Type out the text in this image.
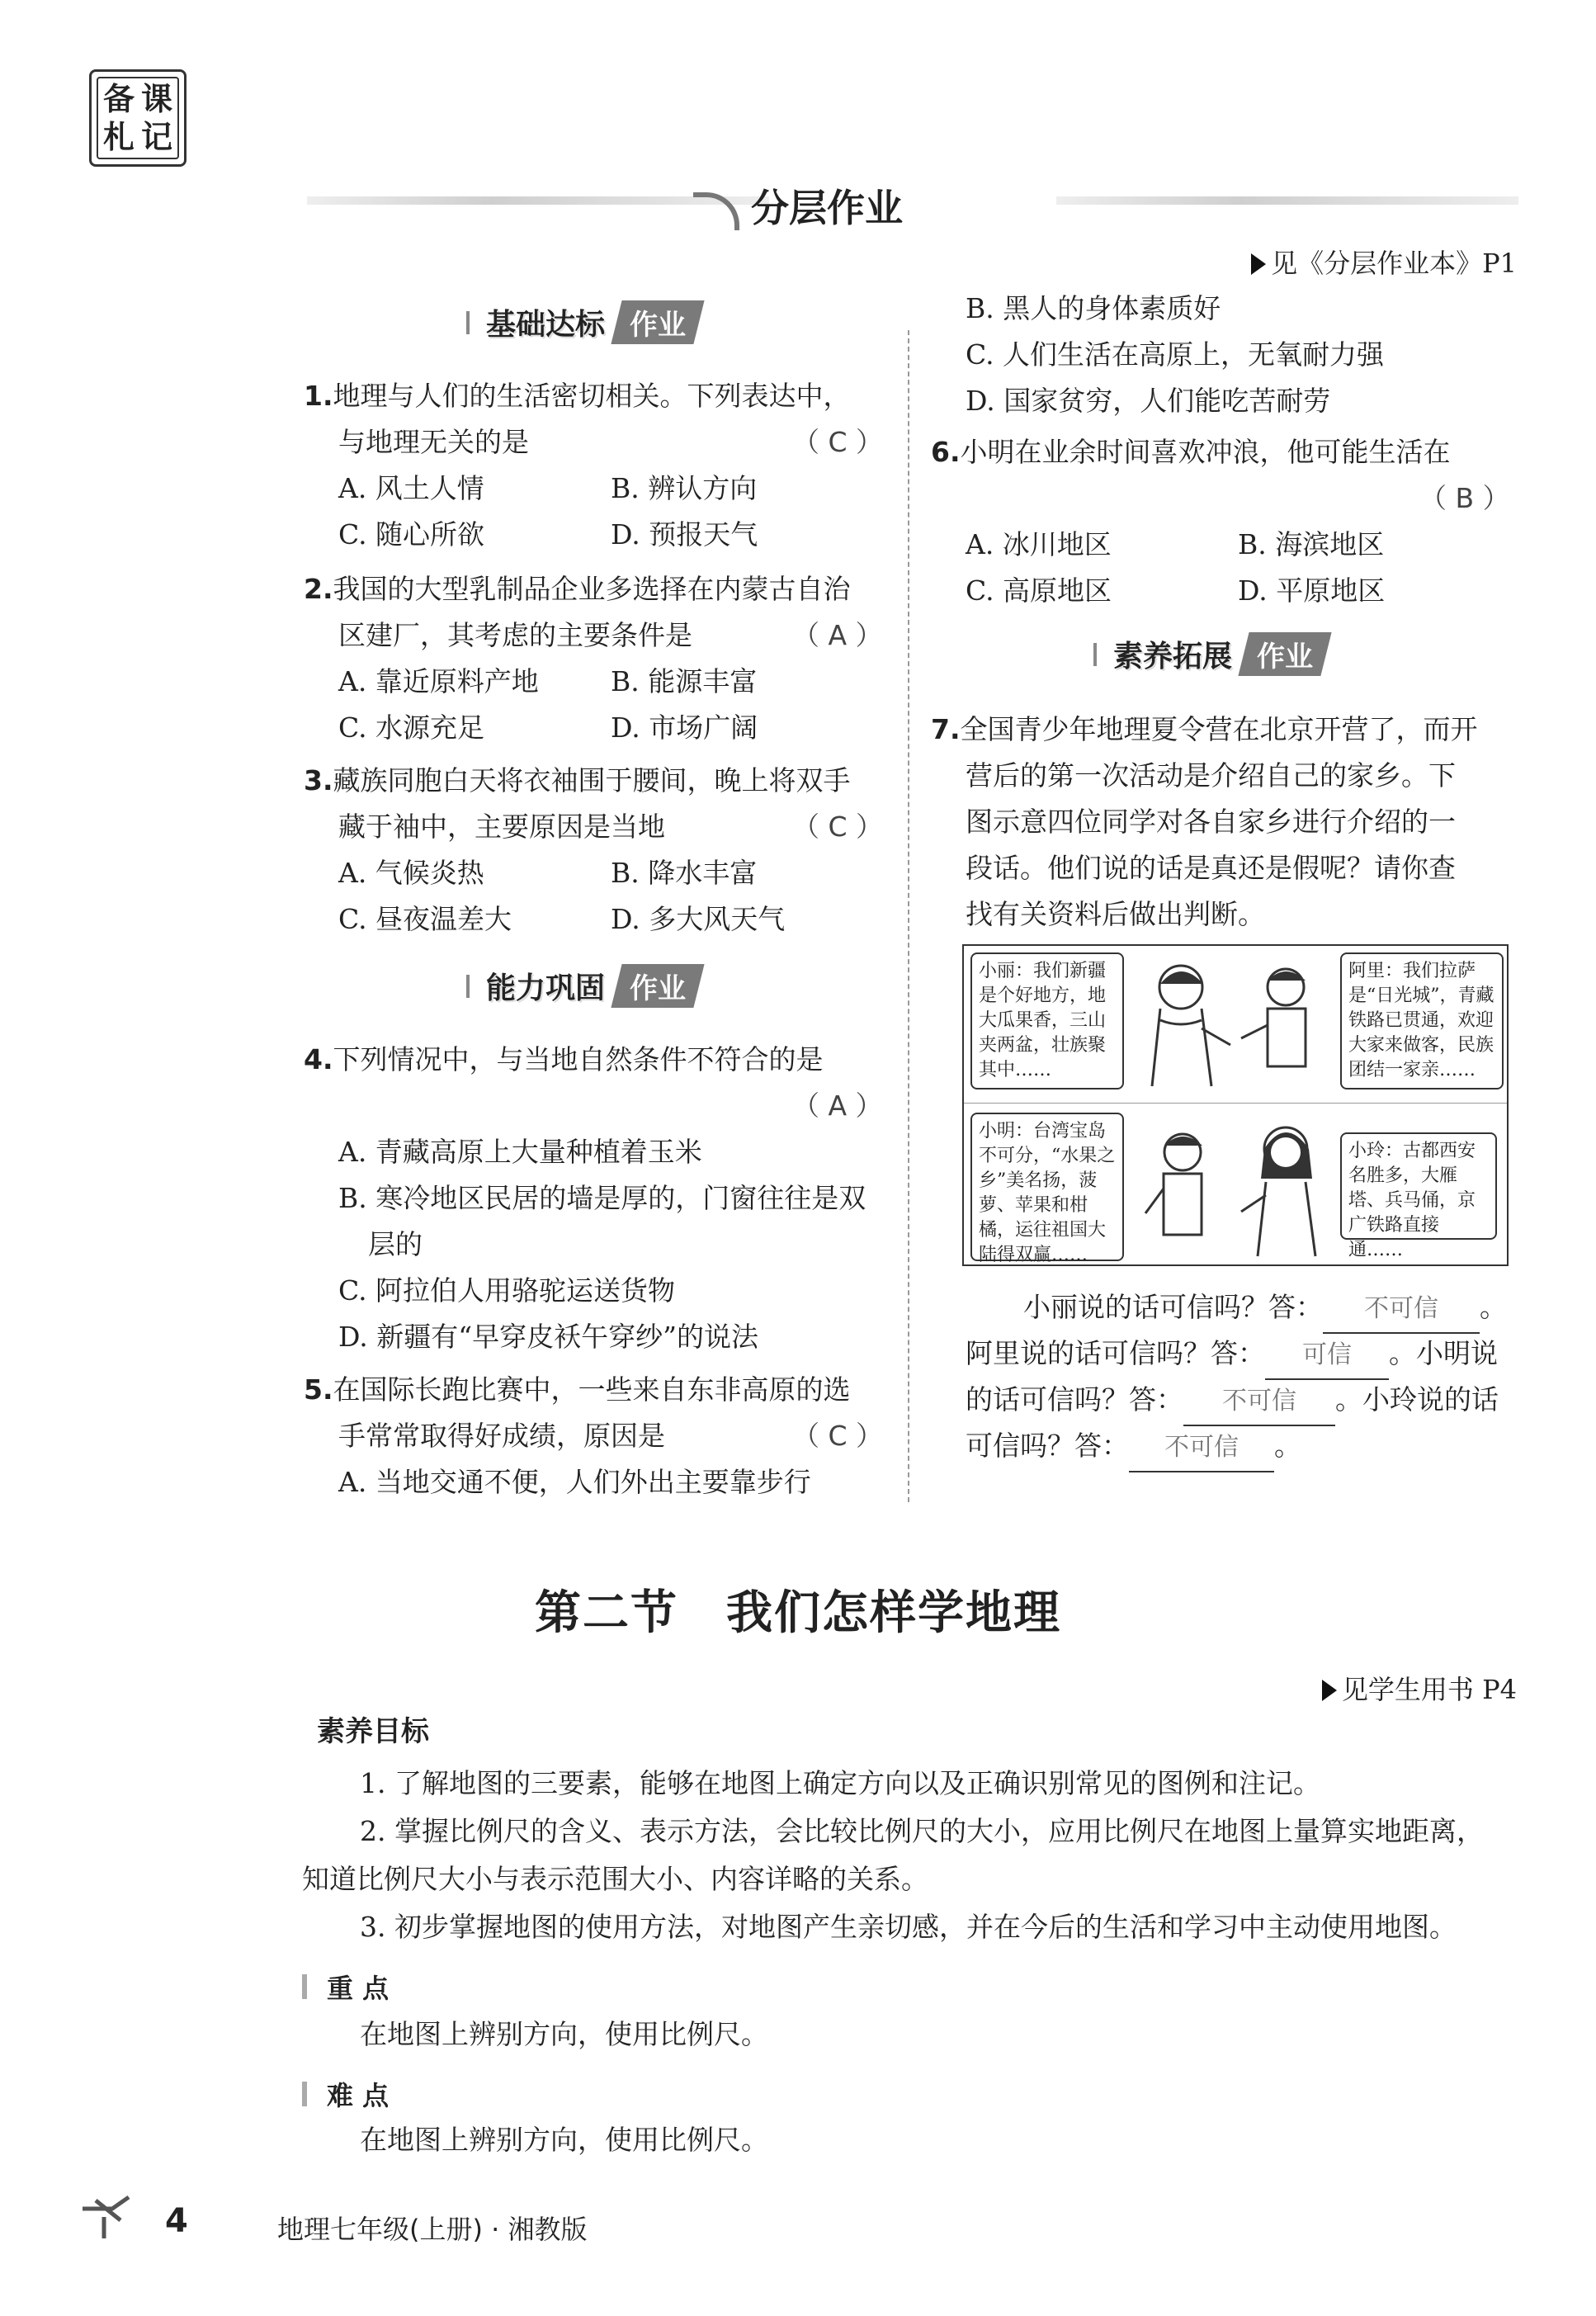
备 课
札 记
分层作业
见《分层作业本》P1
基础达标 作业
1.地理与人们的生活密切相关。下列表达中，
与地理无关的是	（ C ）
A. 风土人情	B. 辨认方向
C. 随心所欲	D. 预报天气
2.我国的大型乳制品企业多选择在内蒙古自治
区建厂，其考虑的主要条件是	（ A ）
A. 靠近原料产地	B. 能源丰富
C. 水源充足	D. 市场广阔
3.藏族同胞白天将衣袖围于腰间，晚上将双手
藏于袖中，主要原因是当地	（ C ）
A. 气候炎热	B. 降水丰富
C. 昼夜温差大	D. 多大风天气
能力巩固 作业
4.下列情况中，与当地自然条件不符合的是
（ A ）
A. 青藏高原上大量种植着玉米
B. 寒冷地区民居的墙是厚的，门窗往往是双
层的
C. 阿拉伯人用骆驼运送货物
D. 新疆有“早穿皮袄午穿纱”的说法
5.在国际长跑比赛中，一些来自东非高原的选
手常常取得好成绩，原因是	（ C ）
A. 当地交通不便，人们外出主要靠步行
B. 黑人的身体素质好
C. 人们生活在高原上，无氧耐力强
D. 国家贫穷，人们能吃苦耐劳
6.小明在业余时间喜欢冲浪，他可能生活在
（ B ）
A. 冰川地区	B. 海滨地区
C. 高原地区	D. 平原地区
素养拓展 作业
7.全国青少年地理夏令营在北京开营了，而开
营后的第一次活动是介绍自己的家乡。下
图示意四位同学对各自家乡进行介绍的一
段话。他们说的话是真还是假呢？请你查
找有关资料后做出判断。
小丽：我们新疆是个好地方，地大瓜果香，三山夹两盆，壮族聚其中……
阿里：我们拉萨是“日光城”，青藏铁路已贯通，欢迎大家来做客，民族团结一家亲……
小明：台湾宝岛不可分，“水果之乡”美名扬，菠萝、苹果和柑橘，运往祖国大陆得双赢……
小玲：古都西安名胜多，大雁塔、兵马俑，京广铁路直接通……
小丽说的话可信吗？答： 不可信 。
阿里说的话可信吗？答： 可信 。小明说
的话可信吗？答： 不可信 。小玲说的话
可信吗？答： 不可信 。
第二节　我们怎样学地理
见学生用书 P4
素养目标
1. 了解地图的三要素，能够在地图上确定方向以及正确识别常见的图例和注记。
2. 掌握比例尺的含义、表示方法，会比较比例尺的大小，应用比例尺在地图上量算实地距离，
知道比例尺大小与表示范围大小、内容详略的关系。
3. 初步掌握地图的使用方法，对地图产生亲切感，并在今后的生活和学习中主动使用地图。
重 点
在地图上辨别方向，使用比例尺。
难 点
在地图上辨别方向，使用比例尺。
4	地理七年级(上册) · 湘教版
